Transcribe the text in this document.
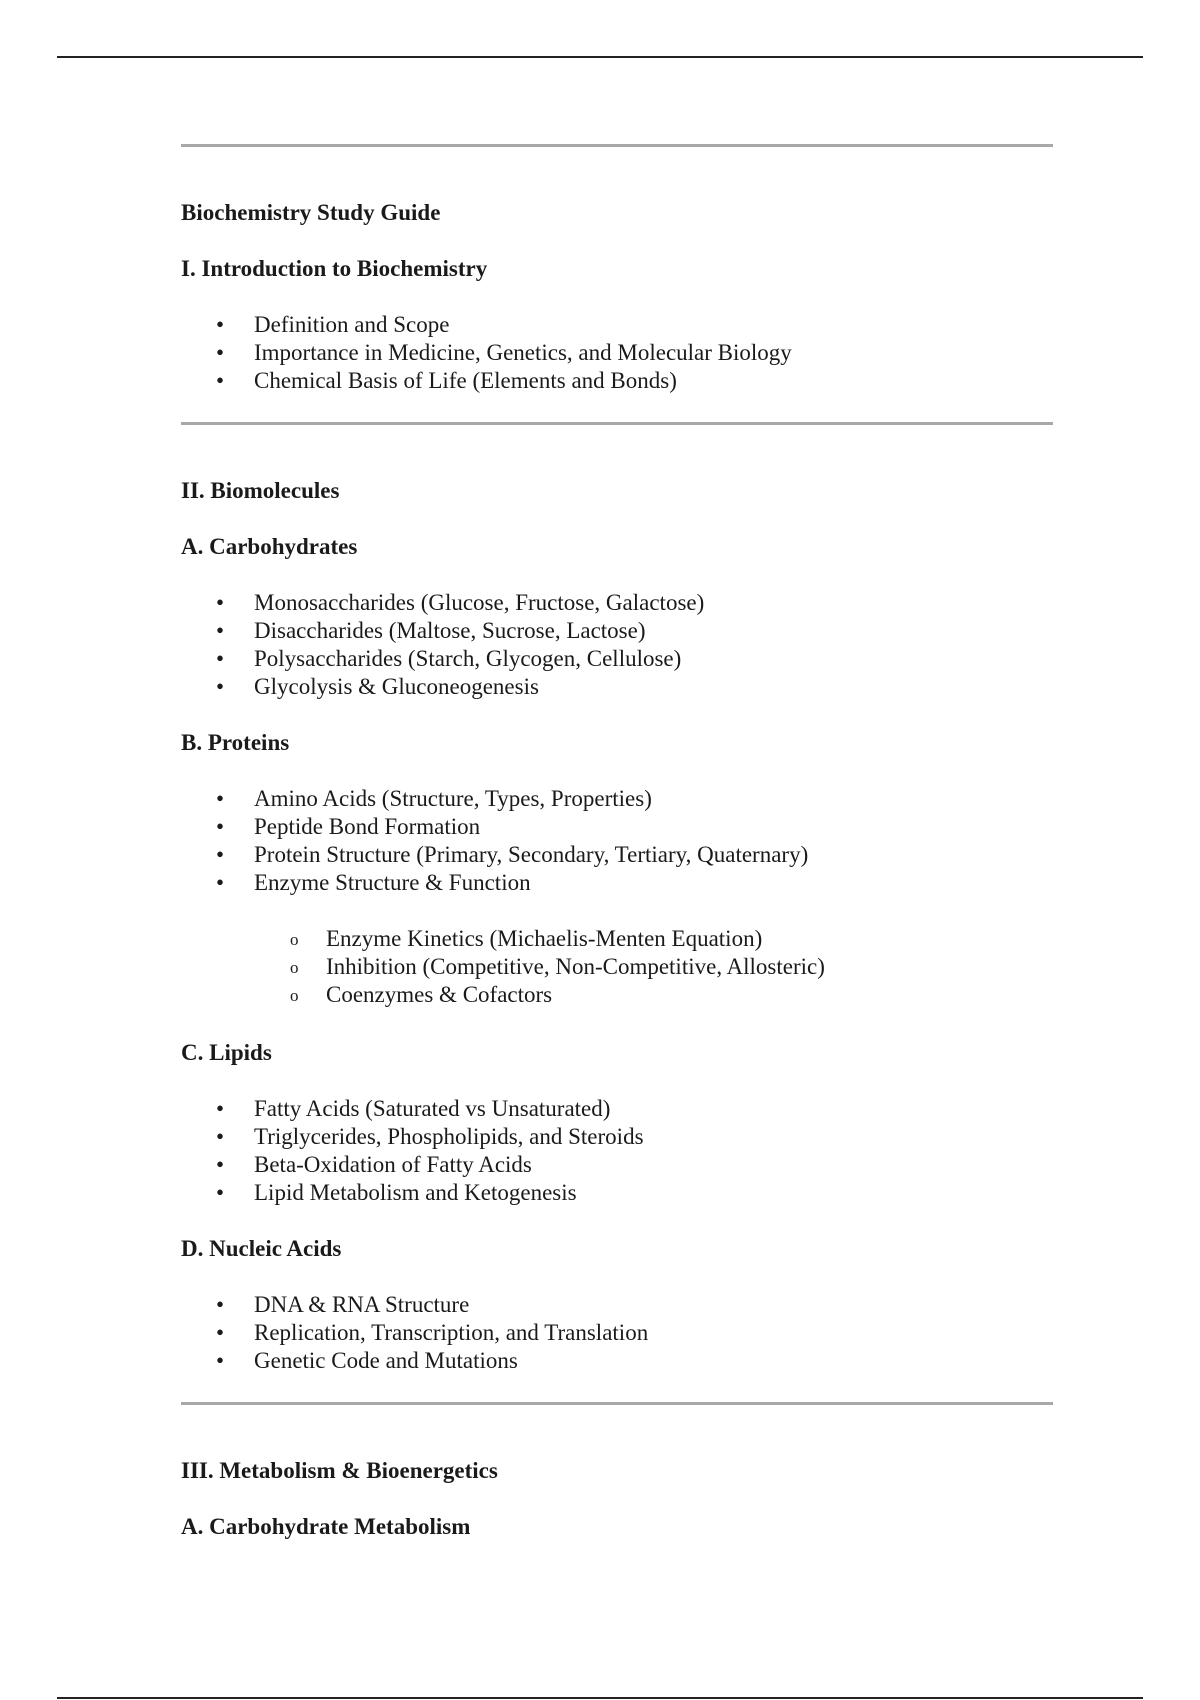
Biochemistry Study Guide
I. Introduction to Biochemistry
• Definition and Scope
• Importance in Medicine, Genetics, and Molecular Biology
• Chemical Basis of Life (Elements and Bonds)
II. Biomolecules
A. Carbohydrates
• Monosaccharides (Glucose, Fructose, Galactose)
• Disaccharides (Maltose, Sucrose, Lactose)
• Polysaccharides (Starch, Glycogen, Cellulose)
• Glycolysis & Gluconeogenesis
B. Proteins
• Amino Acids (Structure, Types, Properties)
• Peptide Bond Formation
• Protein Structure (Primary, Secondary, Tertiary, Quaternary)
• Enzyme Structure & Function
o Enzyme Kinetics (Michaelis-Menten Equation)
o Inhibition (Competitive, Non-Competitive, Allosteric)
o Coenzymes & Cofactors
C. Lipids
• Fatty Acids (Saturated vs Unsaturated)
• Triglycerides, Phospholipids, and Steroids
• Beta-Oxidation of Fatty Acids
• Lipid Metabolism and Ketogenesis
D. Nucleic Acids
• DNA & RNA Structure
• Replication, Transcription, and Translation
• Genetic Code and Mutations
III. Metabolism & Bioenergetics
A. Carbohydrate Metabolism
